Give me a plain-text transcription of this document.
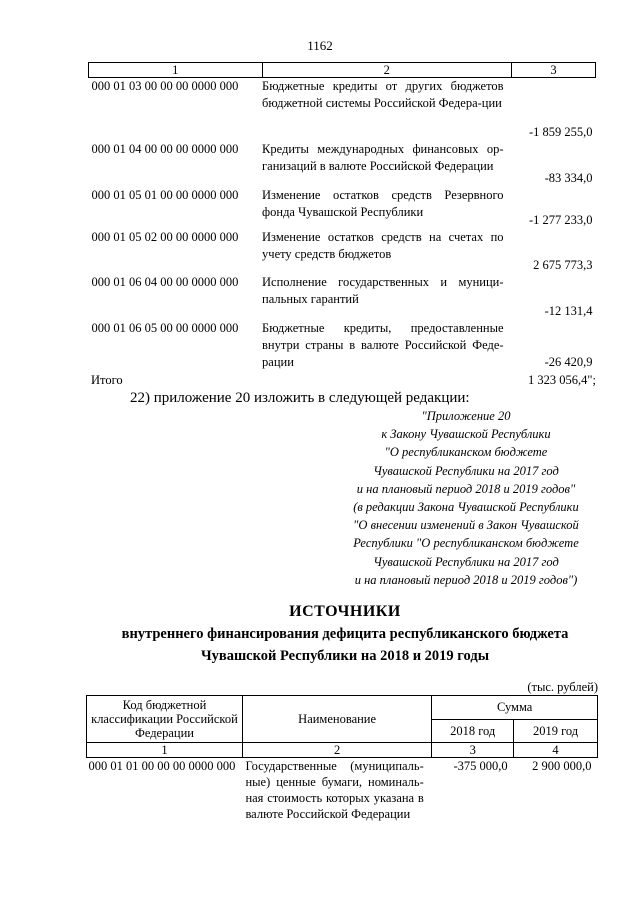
1162
1	2	3
000 01 03 00 00 00 0000 000	Бюджетные кредиты от других бюджетов бюджетной системы Российской Федера-ции	-1 859 255,0
000 01 04 00 00 00 0000 000	Кредиты международных финансовых ор-ганизаций в валюте Российской Федерации	-83 334,0
000 01 05 01 00 00 0000 000	Изменение остатков средств Резервного фонда Чувашской Республики	-1 277 233,0
000 01 05 02 00 00 0000 000	Изменение остатков средств на счетах по учету средств бюджетов	2 675 773,3
000 01 06 04 00 00 0000 000	Исполнение государственных и муници-пальных гарантий	-12 131,4
000 01 06 05 00 00 0000 000	Бюджетные кредиты, предоставленные внутри страны в валюте Российской Феде-рации	-26 420,9
Итого	1 323 056,4";
22) приложение 20 изложить в следующей редакции:
"Приложение 20
к Закону Чувашской Республики
"О республиканском бюджете
Чувашской Республики на 2017 год
и на плановый период 2018 и 2019 годов"
(в редакции Закона Чувашской Республики
"О внесении изменений в Закон Чувашской
Республики "О республиканском бюджете
Чувашской Республики на 2017 год
и на плановый период 2018 и 2019 годов")
ИСТОЧНИКИ
внутреннего финансирования дефицита республиканского бюджета
Чувашской Республики на 2018 и 2019 годы
(тыс. рублей)
Код бюджетной классификации Российской Федерации	Наименование	Сумма	
		2018 год	2019 год
1	2	3	4
000 01 01 00 00 00 0000 000	Государственные (муниципаль-ные) ценные бумаги, номиналь-ная стоимость которых указана в валюте Российской Федерации	-375 000,0	2 900 000,0
